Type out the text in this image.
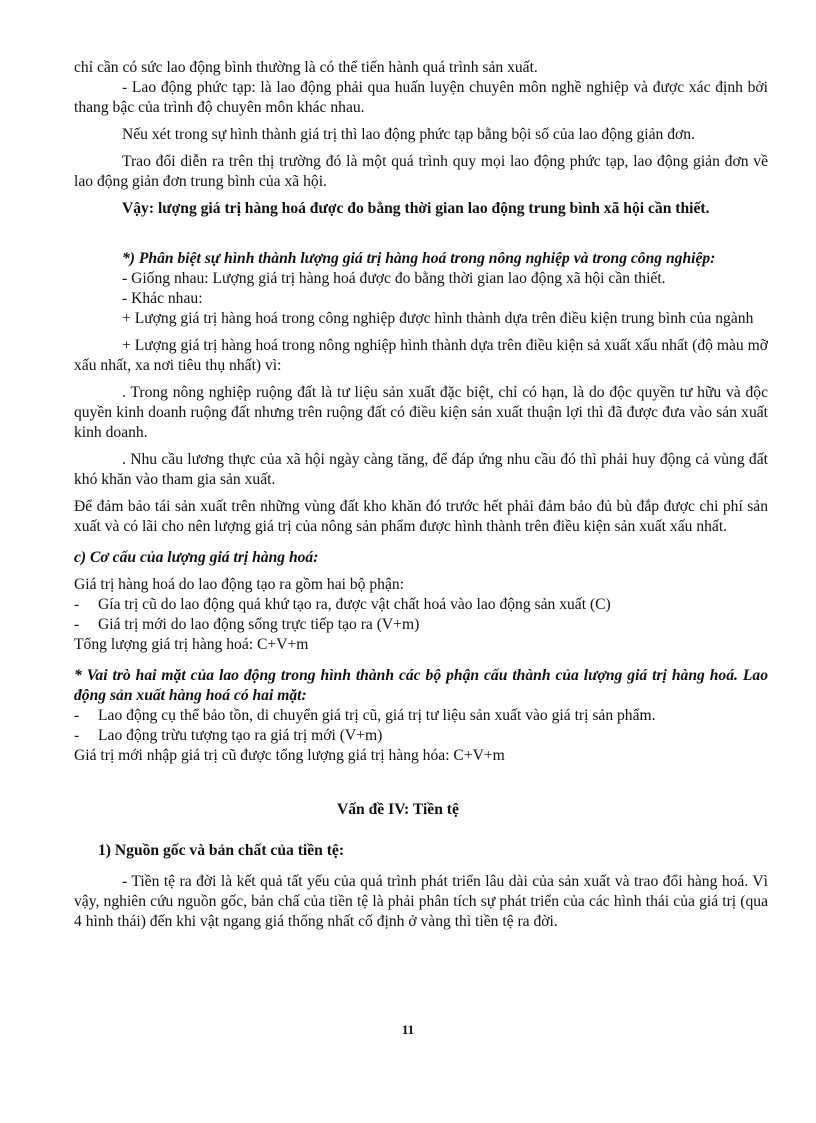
chỉ cần có sức lao động bình thường là có thể tiến hành quá trình sản xuất.

- Lao động phức tạp: là lao động phải qua huấn luyện chuyên môn nghề nghiệp và được xác định bởi thang bậc của trình độ chuyên môn khác nhau.

Nếu xét trong sự hình thành giá trị thì lao động phức tạp bằng bội số của lao động giản đơn.

Trao đổi diễn ra trên thị trường đó là một quá trình quy mọi lao động phức tạp, lao động giản đơn về lao động giản đơn trung bình của xã hội.

Vậy: lượng giá trị hàng hoá được đo bằng thời gian lao động trung bình xã hội cần thiết.

*) Phân biệt sự hình thành lượng giá trị hàng hoá trong nông nghiệp và trong công nghiệp:

- Giống nhau: Lượng giá trị hàng hoá được đo bằng thời gian lao động xã hội cần thiết.

- Khác nhau:

+ Lượng giá trị hàng hoá trong công nghiệp được hình thành dựa trên điều kiện trung bình của ngành

+ Lượng giá trị hàng hoá trong nông nghiệp hình thành dựa trên điều kiện sả xuất xấu nhất (độ màu mỡ xấu nhất, xa nơi tiêu thụ nhất) vì:

. Trong nông nghiệp ruộng đất là tư liệu sản xuất đặc biệt, chỉ có hạn, là do độc quyền tư hữu và độc quyền kinh doanh ruộng đất nhưng trên ruộng đất có điều kiện sản xuất thuận lợi thì đã được đưa vào sản xuất kinh doanh.

. Nhu cầu lương thực của xã hội ngày càng tăng, để đáp ứng nhu cầu đó thì phải huy động cả vùng đất khó khăn vào tham gia sản xuất.

Để đảm bảo tái sản xuất trên những vùng đất kho khăn đó trước hết phải đảm bảo đủ bù đắp được chi phí sản xuất và có lãi cho nên lượng giá trị của nông sản phẩm được hình thành trên điều kiện sản xuất xấu nhất.

c) Cơ cấu của lượng giá trị hàng hoá:

Giá trị hàng hoá do lao động tạo ra gồm hai bộ phận:

- Gía trị cũ do lao động quá khứ tạo ra, được vật chất hoá vào lao động sản xuất (C)

- Giá trị mới do lao động sống trực tiếp tạo ra (V+m)

Tổng lượng giá trị hàng hoá: C+V+m

* Vai trò hai mặt của lao động trong hình thành các bộ phận cấu thành của lượng giá trị hàng hoá. Lao động sản xuất hàng hoá có hai mặt:

- Lao động cụ thể bảo tồn, di chuyển giá trị cũ, giá trị tư liệu sản xuất vào giá trị sản phẩm.

- Lao động trừu tượng tạo ra giá trị mới (V+m)

Giá trị mới nhập giá trị cũ được tổng lượng giá trị hàng hóa: C+V+m

Vấn đề IV: Tiền tệ

1) Nguồn gốc và bản chất của tiền tệ:

- Tiền tệ ra đời là kết quả tất yếu của quá trình phát triển lâu dài của sản xuất và trao đổi hàng hoá. Vì vậy, nghiên cứu nguồn gốc, bản chấ của tiền tệ là phải phân tích sự phát triển của các hình thái của giá trị (qua 4 hình thái) đến khi vật ngang giá thống nhất cố định ở vàng thì tiền tệ ra đời.

11
